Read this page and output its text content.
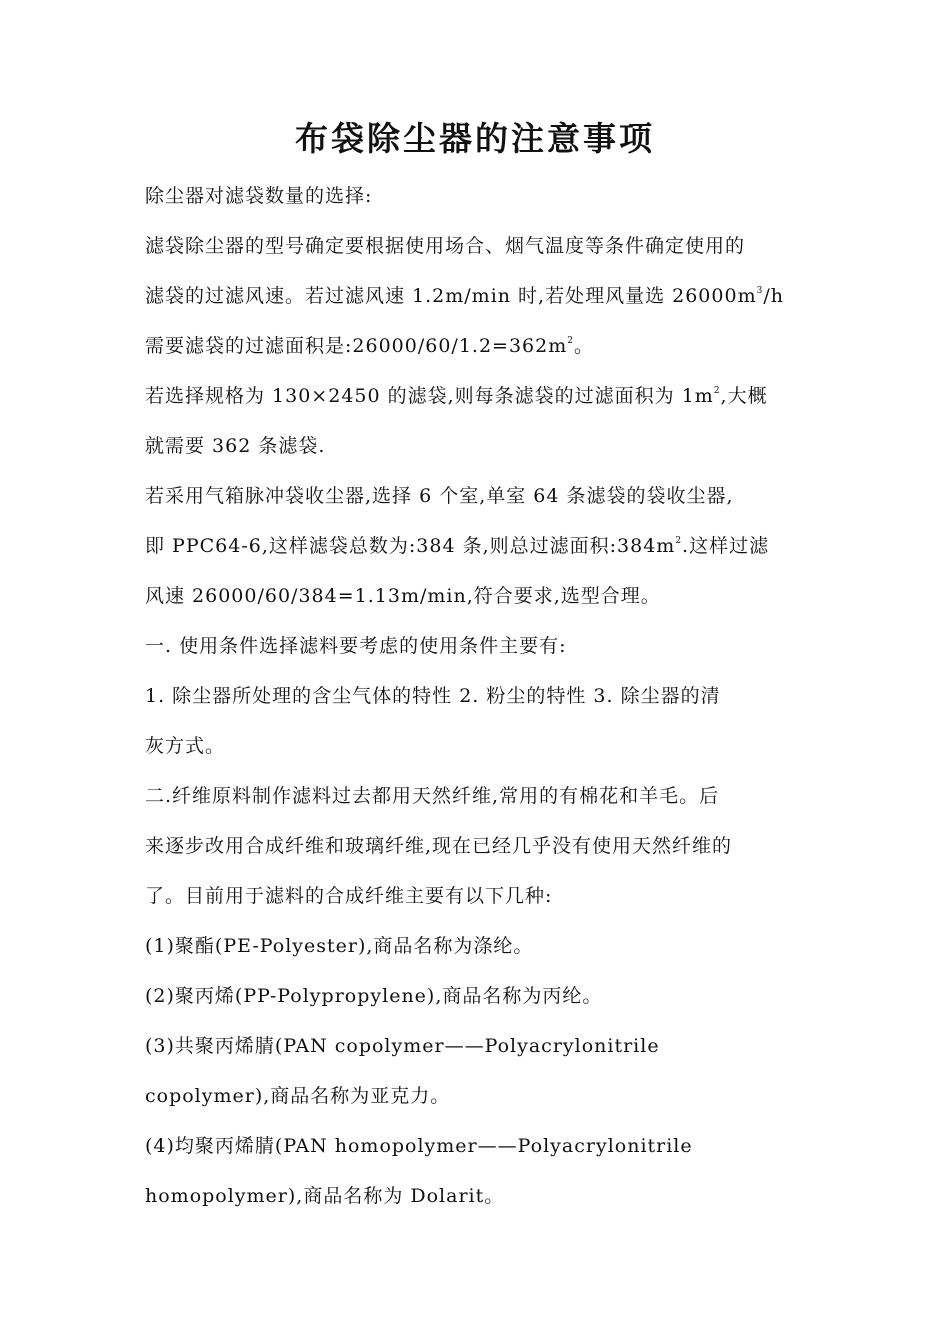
布袋除尘器的注意事项
除尘器对滤袋数量的选择:
滤袋除尘器的型号确定要根据使用场合、烟气温度等条件确定使用的
滤袋的过滤风速。若过滤风速 1.2m/min 时,若处理风量选 $26000m^3/h$
需要滤袋的过滤面积是$:26000/60/1.2=362m^2$。
若选择规格为 130×2450 的滤袋,则每条滤袋的过滤面积为 $1m^2$,大概
就需要 362 条滤袋.
若采用气箱脉冲袋收尘器,选择 6 个室,单室 64 条滤袋的袋收尘器,
即 PPC64-6,这样滤袋总数为:384 条,则总过滤面积$:384m^2$.这样过滤
风速 26000/60/384=1.13m/min,符合要求,选型合理。
一. 使用条件选择滤料要考虑的使用条件主要有:
1. 除尘器所处理的含尘气体的特性 2. 粉尘的特性 3. 除尘器的清
灰方式。
二.纤维原料制作滤料过去都用天然纤维,常用的有棉花和羊毛。后
来逐步改用合成纤维和玻璃纤维,现在已经几乎没有使用天然纤维的
了。目前用于滤料的合成纤维主要有以下几种:
(1)聚酯(PE-Polyester),商品名称为涤纶。
(2)聚丙烯(PP-Polypropylene),商品名称为丙纶。
(3)共聚丙烯腈(PAN copolymer——Polyacrylonitrile
copolymer),商品名称为亚克力。
(4)均聚丙烯腈(PAN homopolymer——Polyacrylonitrile
homopolymer),商品名称为 Dolarit。
